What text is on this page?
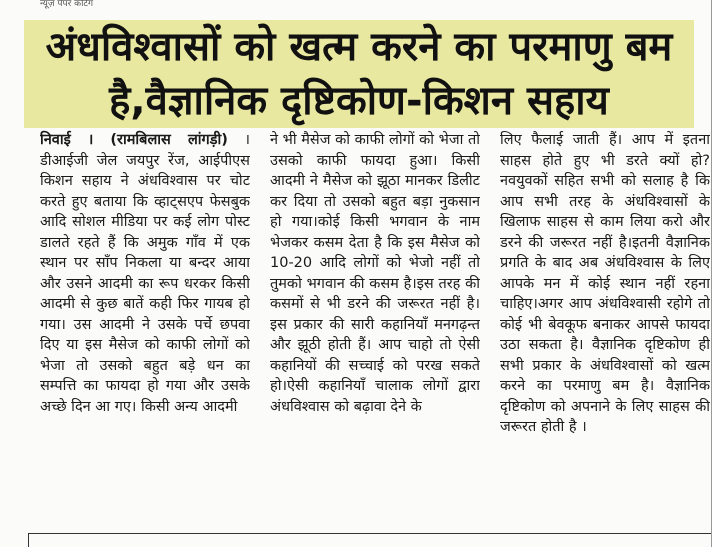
न्यूज़ पेपर कटिंग
अंधविश्वासों को खत्म करने का परमाणु बम
है,वैज्ञानिक दृष्टिकोण-किशन सहाय

निवाई । (रामबिलास लांगड़ी) । डीआईजी जेल जयपुर रेंज, आईपीएस किशन सहाय ने अंधविश्वास पर चोट करते हुए बताया कि व्हाट्सएप फेसबुक आदि सोशल मीडिया पर कई लोग पोस्ट डालते रहते हैं कि अमुक गाँव में एक स्थान पर साँप निकला या बन्दर आया और उसने आदमी का रूप धरकर किसी आदमी से कुछ बातें कही फिर गायब हो गया। उस आदमी ने उसके पर्चे छपवा दिए या इस मैसेज को काफी लोगों को भेजा तो उसको बहुत बड़े धन का सम्पत्ति का फायदा हो गया और उसके अच्छे दिन आ गए। किसी अन्य आदमी

ने भी मैसेज को काफी लोगों को भेजा तो उसको काफी फायदा हुआ। किसी आदमी ने मैसेज को झूठा मानकर डिलीट कर दिया तो उसको बहुत बड़ा नुकसान हो गया।कोई किसी भगवान के नाम भेजकर कसम देता है कि इस मैसेज को 10-20 आदि लोगों को भेजो नहीं तो तुमको भगवान की कसम है।इस तरह की कसमों से भी डरने की जरूरत नहीं है। इस प्रकार की सारी कहानियाँ मनगढ़न्त और झूठी होती हैं। आप चाहो तो ऐसी कहानियों की सच्चाई को परख सकते हो।ऐसी कहानियाँ चालाक लोगों द्वारा अंधविश्वास को बढ़ावा देने के

लिए फैलाई जाती हैं। आप में इतना साहस होते हुए भी डरते क्यों हो? नवयुवकों सहित सभी को सलाह है कि आप सभी तरह के अंधविश्वासों के खिलाफ साहस से काम लिया करो और डरने की जरूरत नहीं है।इतनी वैज्ञानिक प्रगति के बाद अब अंधविश्वास के लिए आपके मन में कोई स्थान नहीं रहना चाहिए।अगर आप अंधविश्वासी रहोगे तो कोई भी बेवकूफ बनाकर आपसे फायदा उठा सकता है। वैज्ञानिक दृष्टिकोण ही सभी प्रकार के अंधविश्वासों को खत्म करने का परमाणु बम है। वैज्ञानिक दृष्टिकोण को अपनाने के लिए साहस की जरूरत होती है ।
